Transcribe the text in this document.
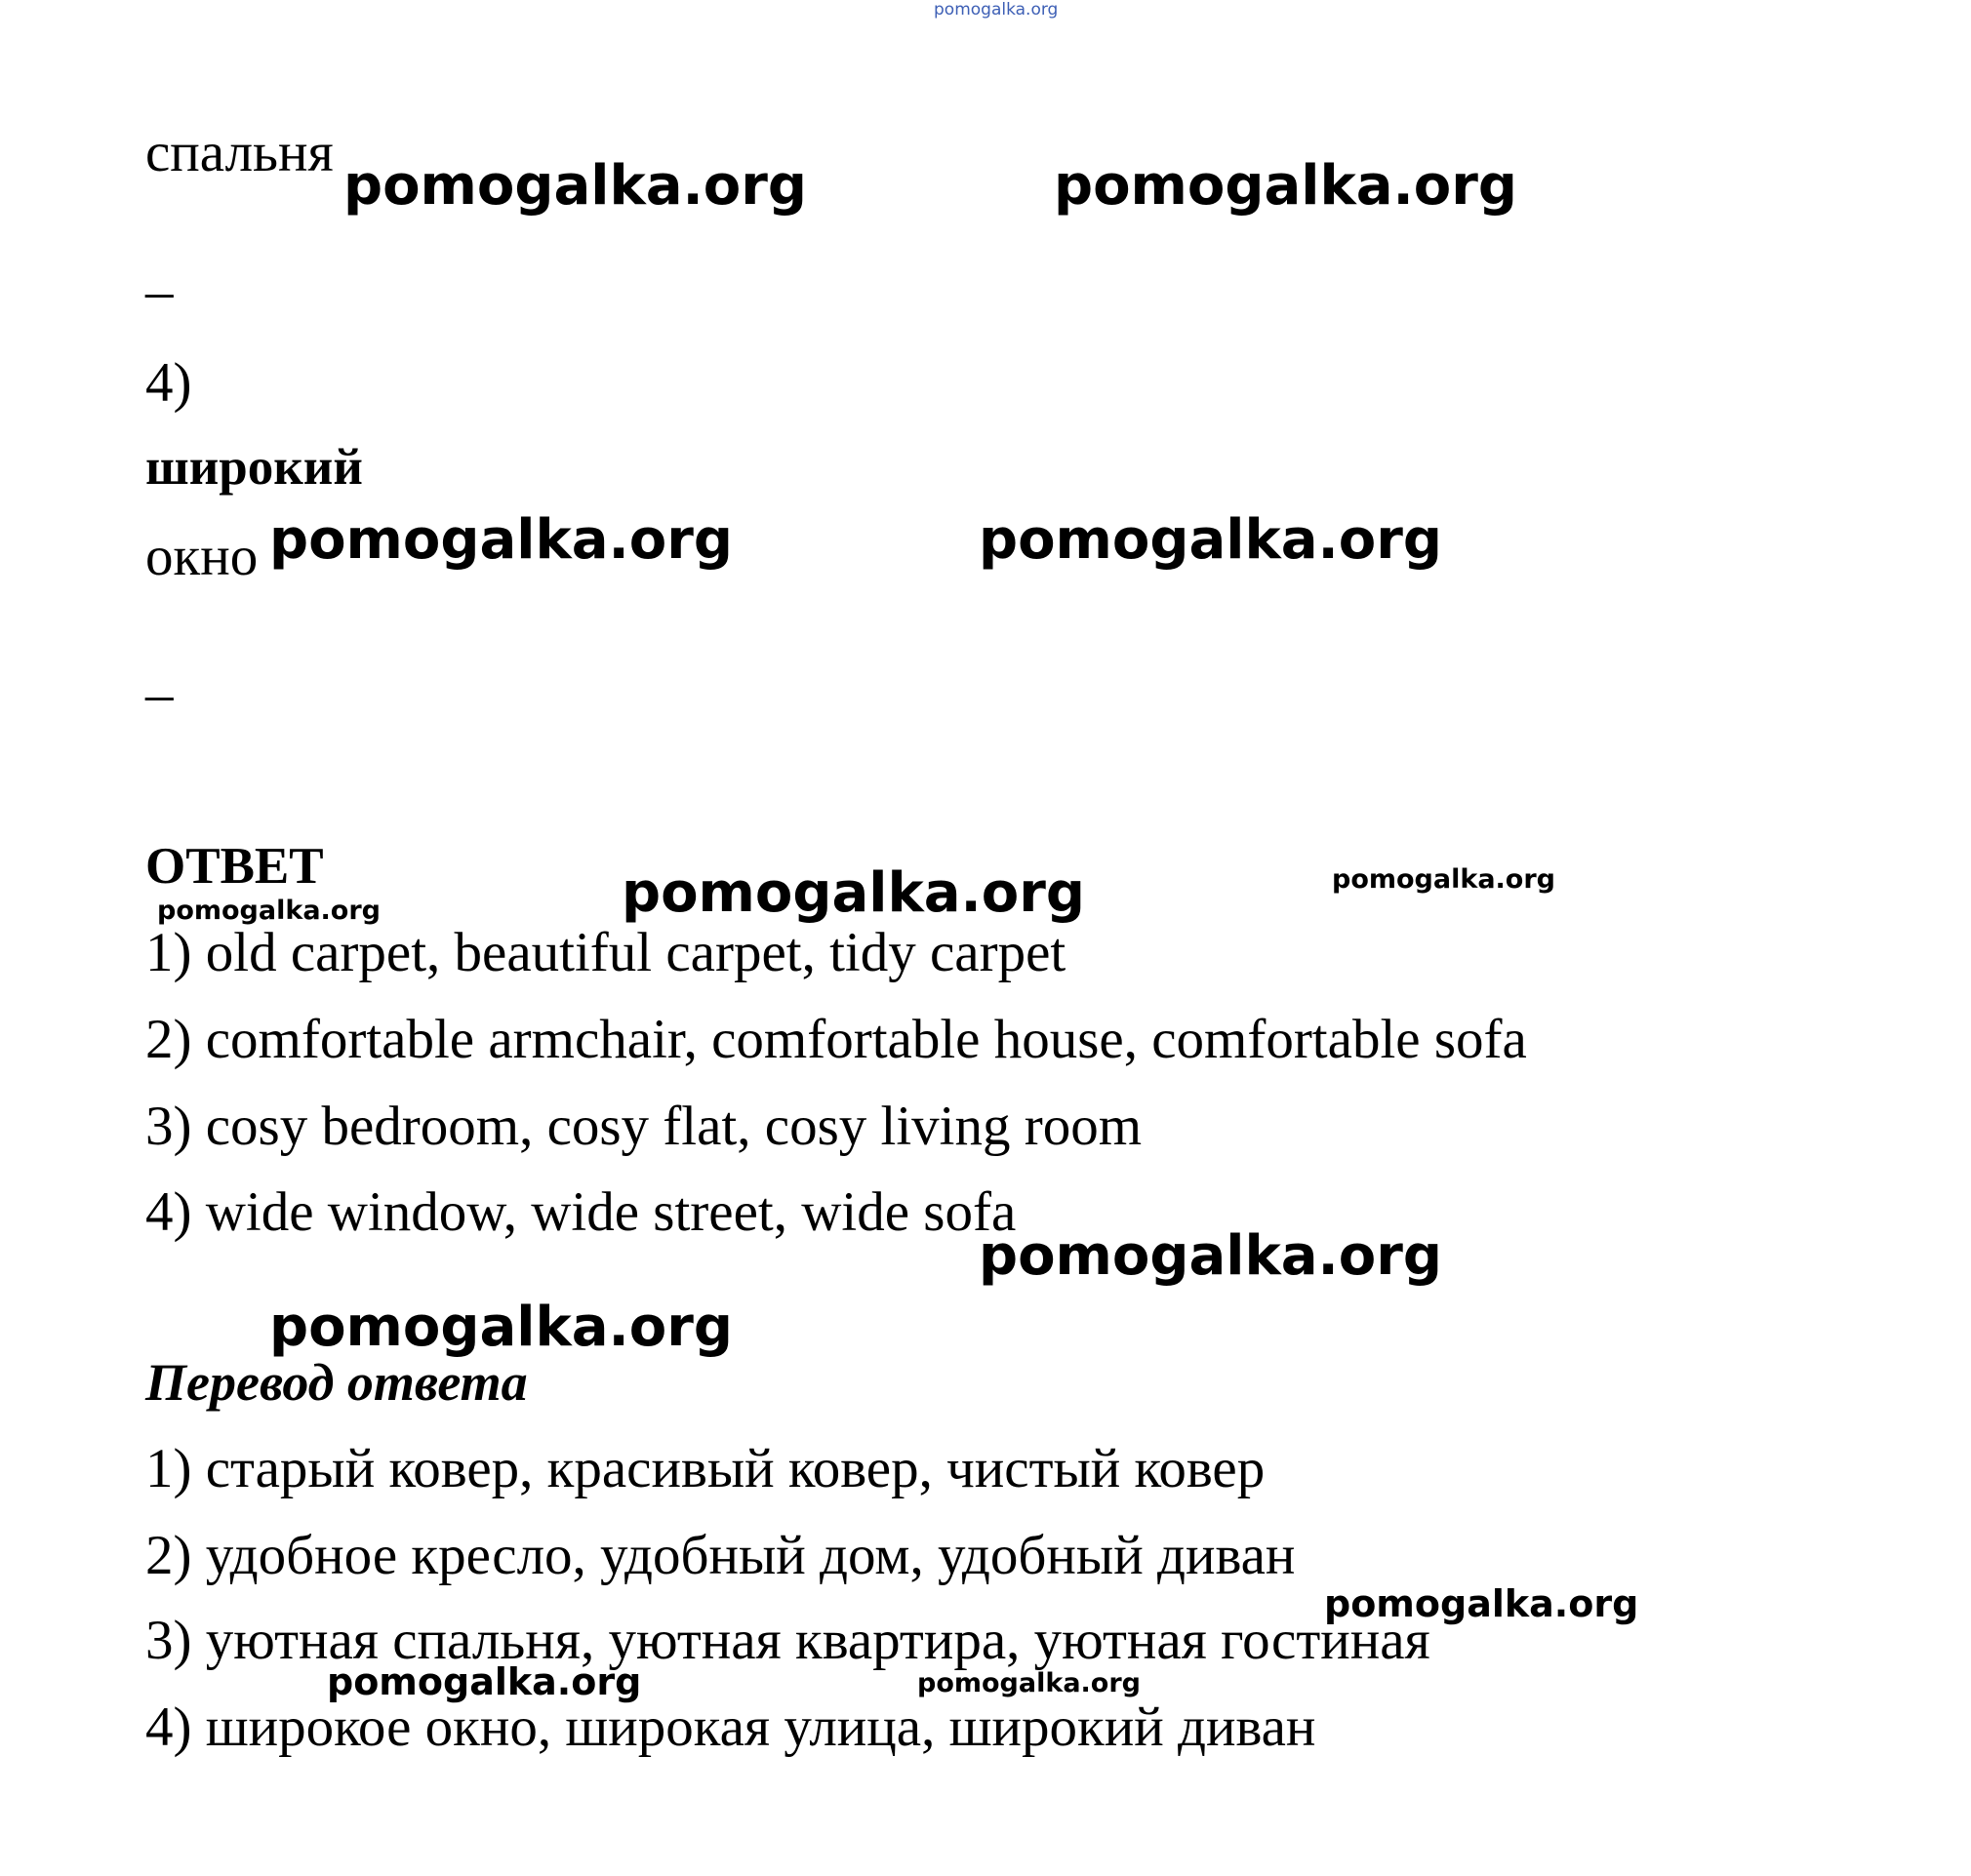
pomogalka.org
спальня
pomogalka.org	pomogalka.org
–
4)
широкий
окно pomogalka.org	pomogalka.org
–
ОТВЕТ
pomogalka.org	pomogalka.org	pomogalka.org
1) old carpet, beautiful carpet, tidy carpet
2) comfortable armchair, comfortable house, comfortable sofa
3) cosy bedroom, cosy flat, cosy living room
4) wide window, wide street, wide sofa
pomogalka.org
pomogalka.org
Перевод ответа
1) старый ковер, красивый ковер, чистый ковер
2) удобное кресло, удобный дом, удобный диван
3) уютная спальня, уютная квартира, уютная гостиная
4) широкое окно, широкая улица, широкий диван
pomogalka.org
pomogalka.org	pomogalka.org
